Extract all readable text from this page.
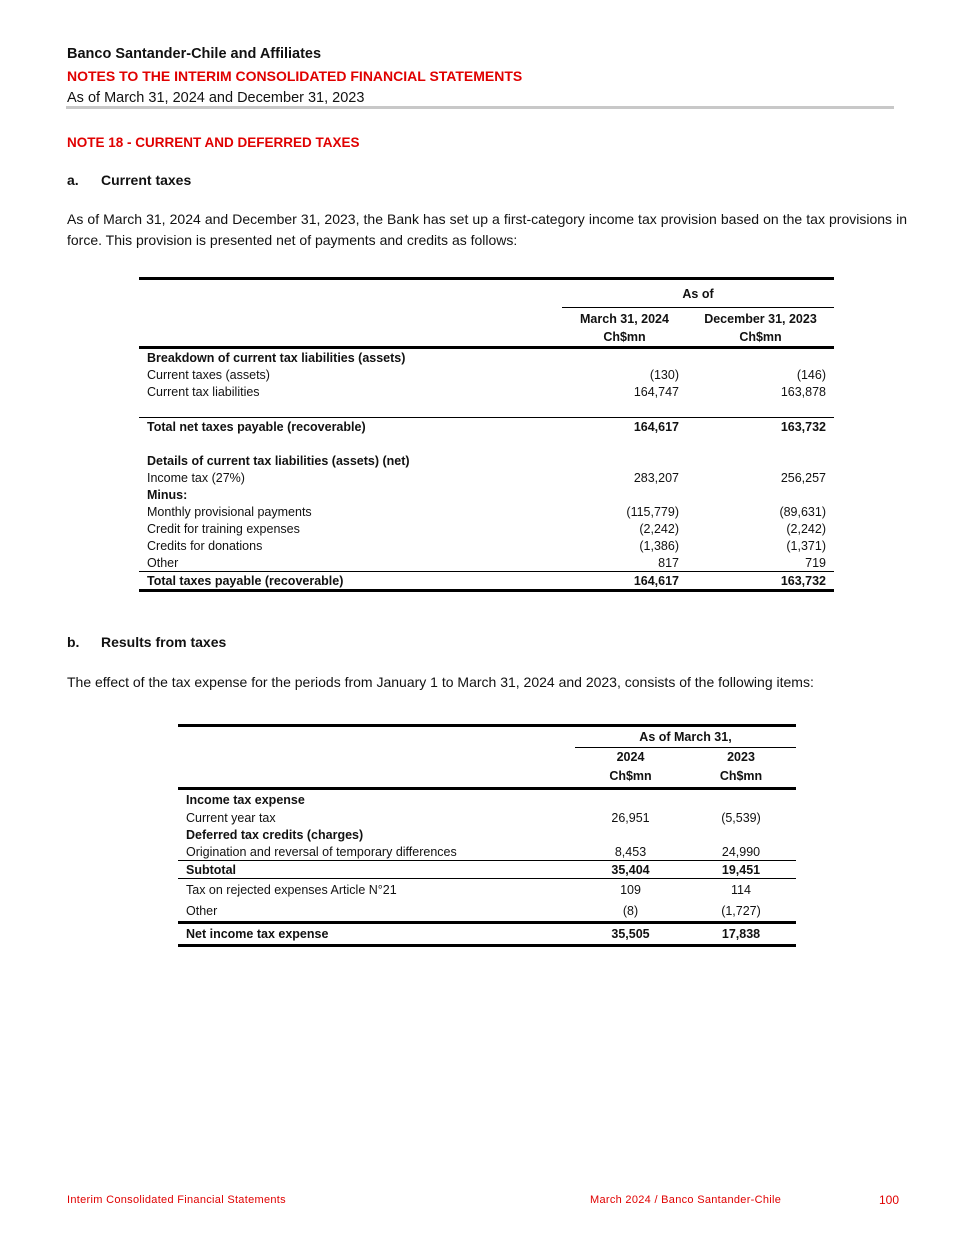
Banco Santander-Chile and Affiliates
NOTES TO THE INTERIM CONSOLIDATED FINANCIAL STATEMENTS
As of March 31, 2024 and December 31, 2023
NOTE 18 - CURRENT AND DEFERRED TAXES
a. Current taxes
As of March 31, 2024 and December 31, 2023, the Bank has set up a first-category income tax provision based on the tax provisions in force. This provision is presented net of payments and credits as follows:
	As of	
	March 31, 2024	December 31, 2023
	Ch$mn	Ch$mn
Breakdown of current tax liabilities (assets)		
Current taxes (assets)	(130)	(146)
Current tax liabilities	164,747	163,878

Total net taxes payable (recoverable)	164,617	163,732

Details of current tax liabilities (assets) (net)		
Income tax (27%)	283,207	256,257
Minus:		
Monthly provisional payments	(115,779)	(89,631)
Credit for training expenses	(2,242)	(2,242)
Credits for donations	(1,386)	(1,371)
Other	817	719
Total taxes payable (recoverable)	164,617	163,732
b. Results from taxes
The effect of the tax expense for the periods from January 1 to March 31, 2024 and 2023, consists of the following items:
	As of March 31,	
	2024	2023
	Ch$mn	Ch$mn
Income tax expense		
Current year tax	26,951	(5,539)
Deferred tax credits (charges)		
Origination and reversal of temporary differences	8,453	24,990
Subtotal	35,404	19,451
Tax on rejected expenses Article N°21	109	114
Other	(8)	(1,727)
Net income tax expense	35,505	17,838
Interim Consolidated Financial Statements	March 2024 / Banco Santander-Chile	100
